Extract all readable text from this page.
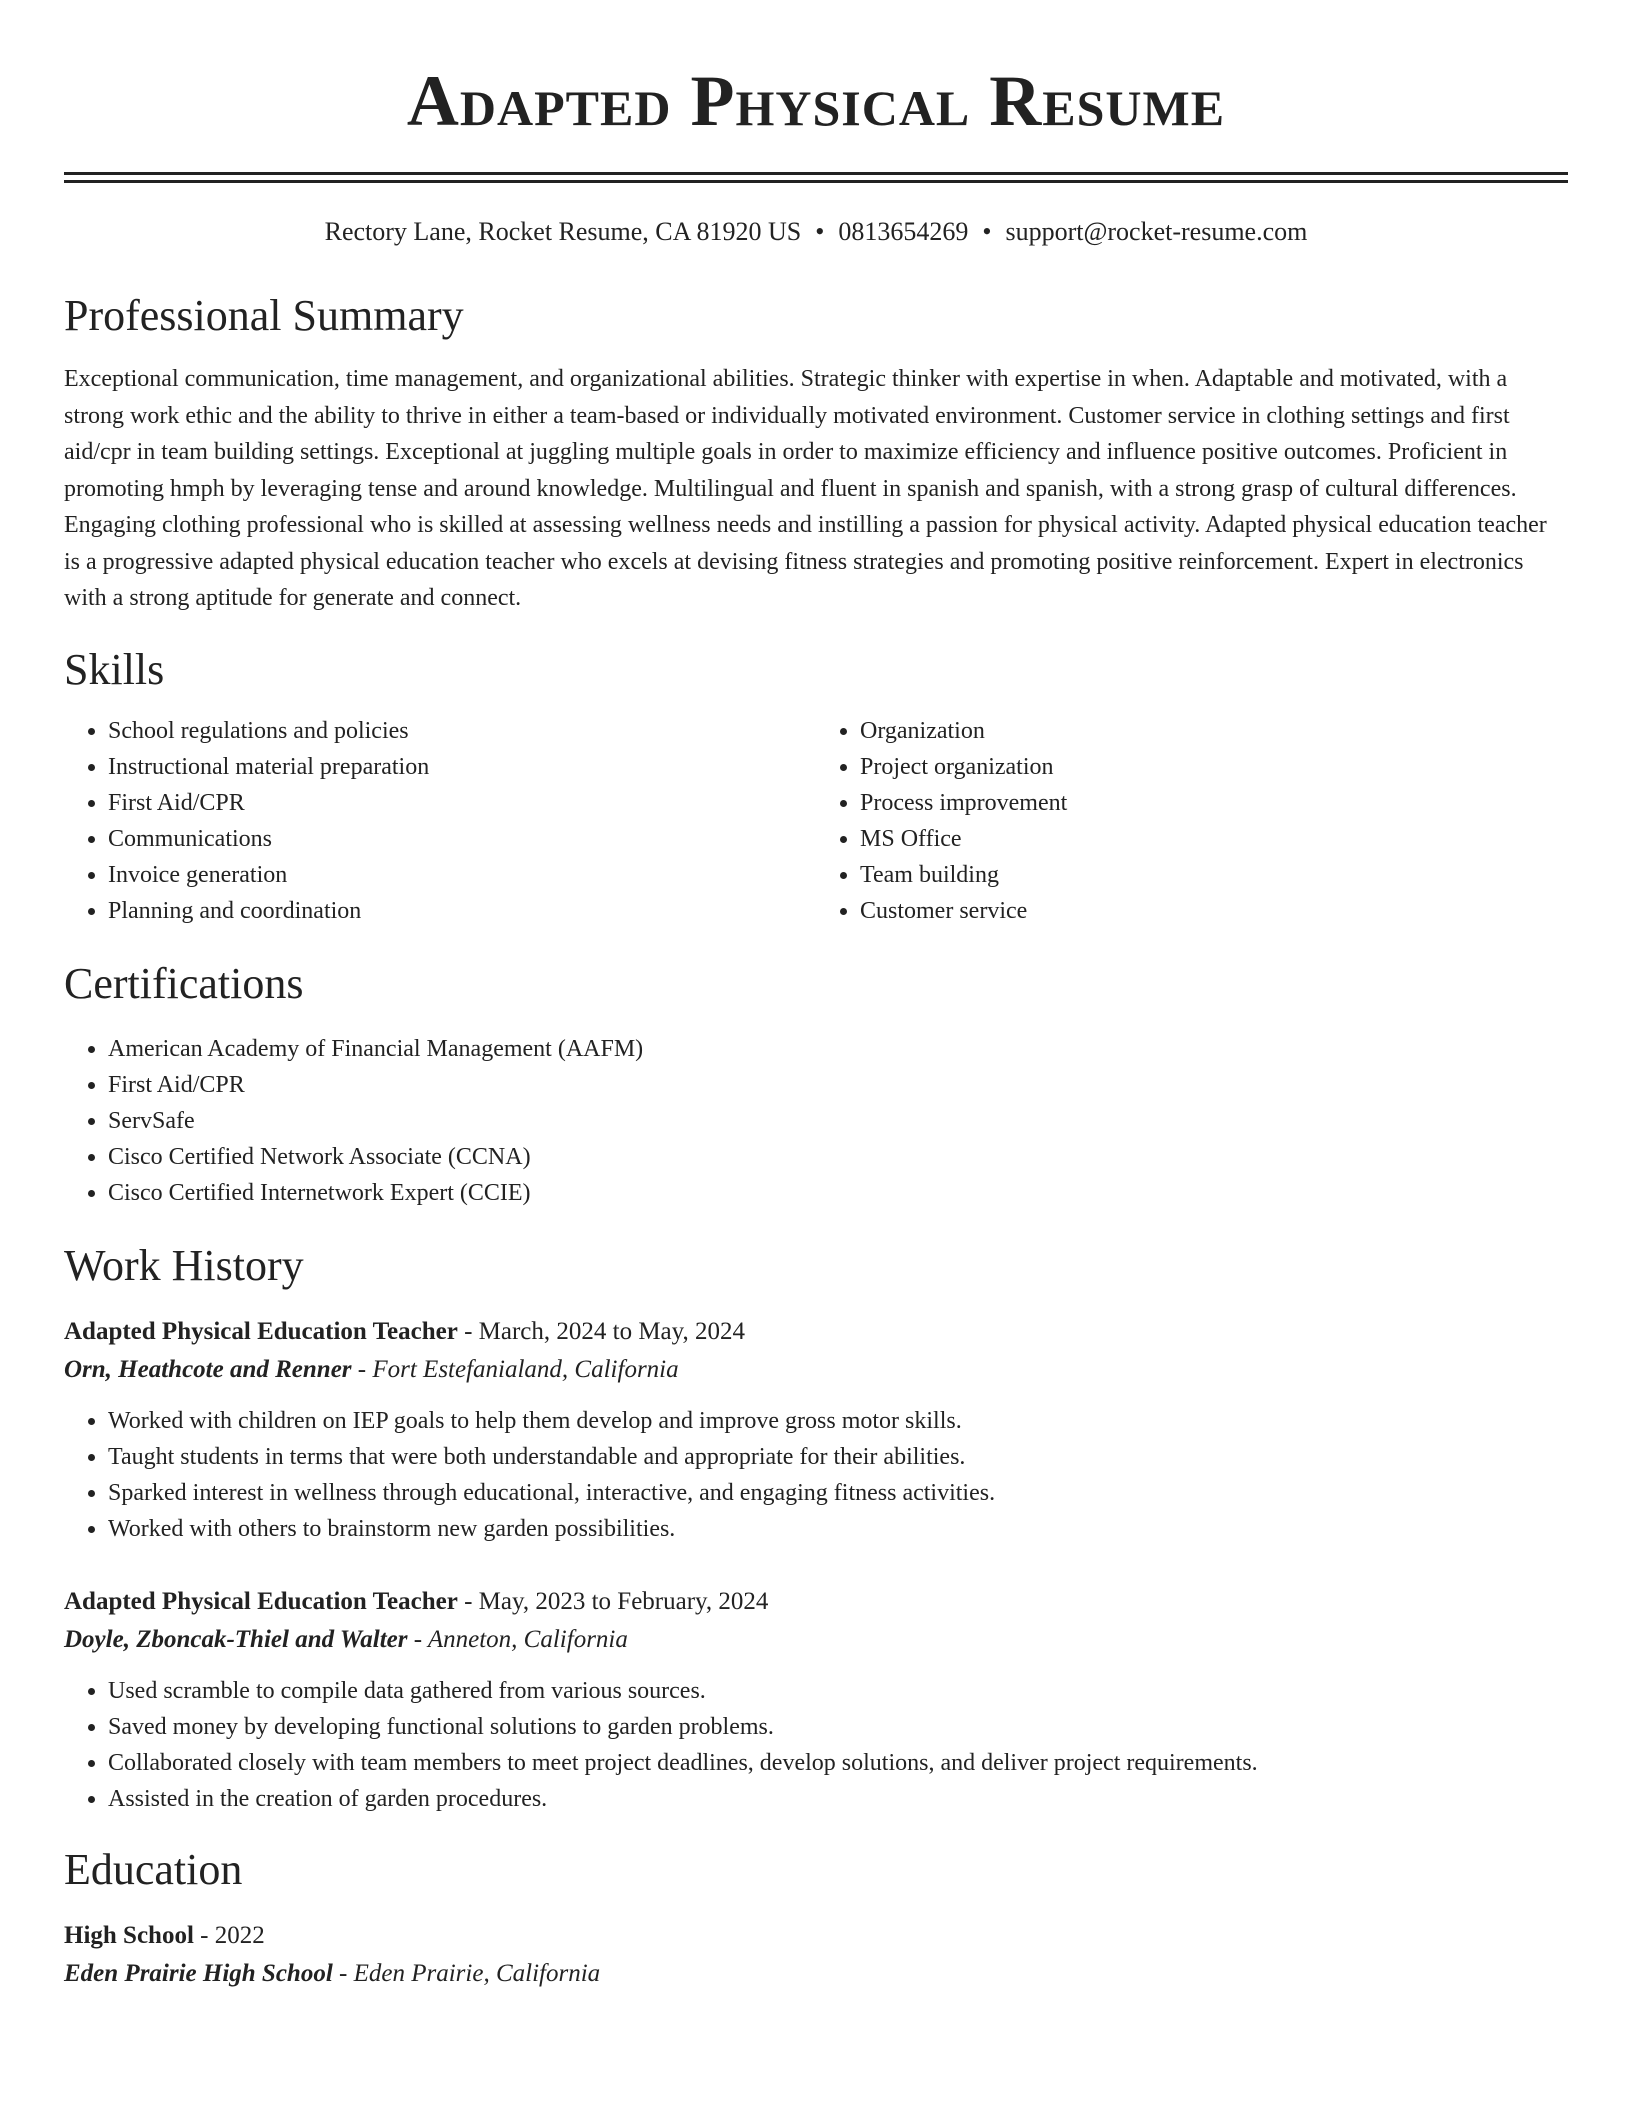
Adapted Physical Resume
Rectory Lane, Rocket Resume, CA 81920 US • 0813654269 • support@rocket-resume.com
Professional Summary

Exceptional communication, time management, and organizational abilities. Strategic thinker with expertise in when. Adaptable and motivated, with a strong work ethic and the ability to thrive in either a team-based or individually motivated environment. Customer service in clothing settings and first aid/cpr in team building settings. Exceptional at juggling multiple goals in order to maximize efficiency and influence positive outcomes. Proficient in promoting hmph by leveraging tense and around knowledge. Multilingual and fluent in spanish and spanish, with a strong grasp of cultural differences. Engaging clothing professional who is skilled at assessing wellness needs and instilling a passion for physical activity. Adapted physical education teacher is a progressive adapted physical education teacher who excels at devising fitness strategies and promoting positive reinforcement. Expert in electronics with a strong aptitude for generate and connect.

Skills
• School regulations and policies
• Instructional material preparation
• First Aid/CPR
• Communications
• Invoice generation
• Planning and coordination
• Organization
• Project organization
• Process improvement
• MS Office
• Team building
• Customer service
Certifications
• American Academy of Financial Management (AAFM)
• First Aid/CPR
• ServSafe
• Cisco Certified Network Associate (CCNA)
• Cisco Certified Internetwork Expert (CCIE)
Work History
Adapted Physical Education Teacher - March, 2024 to May, 2024
Orn, Heathcote and Renner - Fort Estefanialand, California
• Worked with children on IEP goals to help them develop and improve gross motor skills.
• Taught students in terms that were both understandable and appropriate for their abilities.
• Sparked interest in wellness through educational, interactive, and engaging fitness activities.
• Worked with others to brainstorm new garden possibilities.
Adapted Physical Education Teacher - May, 2023 to February, 2024
Doyle, Zboncak-Thiel and Walter - Anneton, California
• Used scramble to compile data gathered from various sources.
• Saved money by developing functional solutions to garden problems.
• Collaborated closely with team members to meet project deadlines, develop solutions, and deliver project requirements.
• Assisted in the creation of garden procedures.
Education
High School - 2022
Eden Prairie High School - Eden Prairie, California
